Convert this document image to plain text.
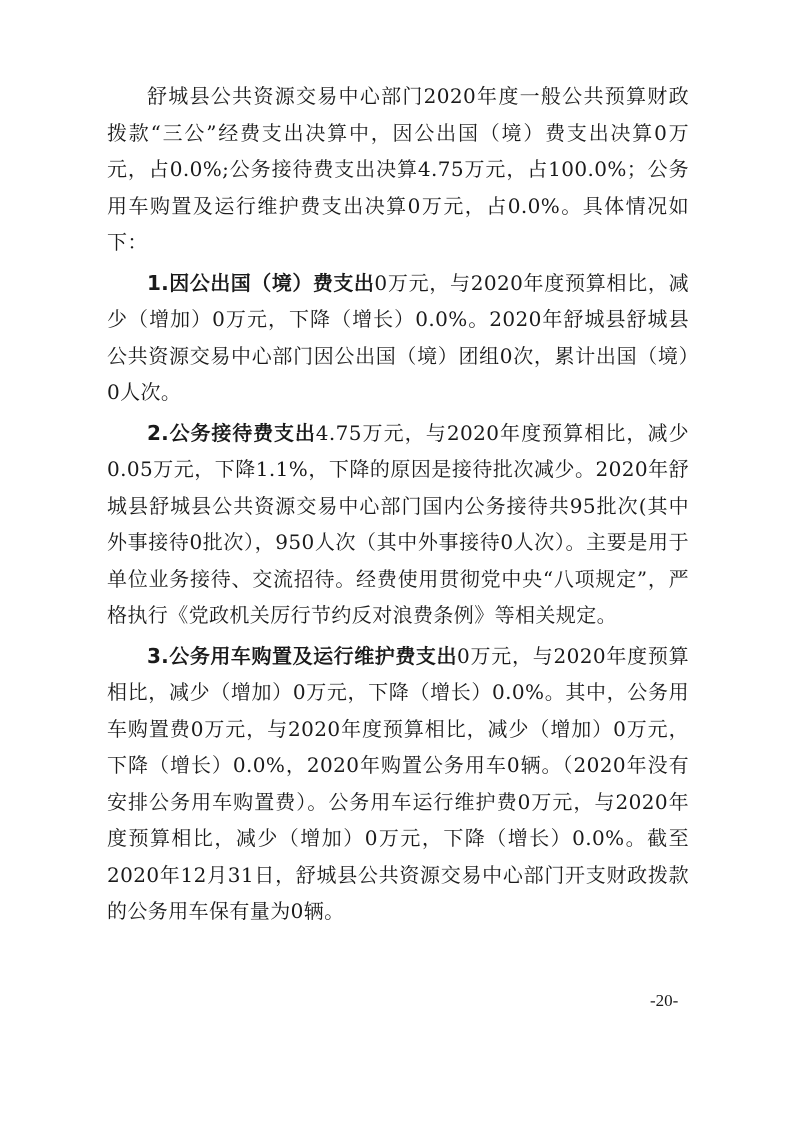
舒城县公共资源交易中心部门2020年度一般公共预算财政拨款“三公”经费支出决算中，因公出国（境）费支出决算0万元，占0.0%;公务接待费支出决算4.75万元，占100.0%；公务用车购置及运行维护费支出决算0万元，占0.0%。具体情况如下：

1.因公出国（境）费支出0万元，与2020年度预算相比，减少（增加）0万元，下降（增长）0.0%。2020年舒城县舒城县公共资源交易中心部门因公出国（境）团组0次，累计出国（境）0人次。

2.公务接待费支出4.75万元，与2020年度预算相比，减少0.05万元，下降1.1%，下降的原因是接待批次减少。2020年舒城县舒城县公共资源交易中心部门国内公务接待共95批次(其中外事接待0批次），950人次（其中外事接待0人次）。主要是用于单位业务接待、交流招待。经费使用贯彻党中央“八项规定”，严格执行《党政机关厉行节约反对浪费条例》等相关规定。

3.公务用车购置及运行维护费支出0万元，与2020年度预算相比，减少（增加）0万元，下降（增长）0.0%。其中，公务用车购置费0万元，与2020年度预算相比，减少（增加）0万元，下降（增长）0.0%，2020年购置公务用车0辆。（2020年没有安排公务用车购置费）。公务用车运行维护费0万元，与2020年度预算相比，减少（增加）0万元，下降（增长）0.0%。截至2020年12月31日，舒城县公共资源交易中心部门开支财政拨款的公务用车保有量为0辆。

-20-
